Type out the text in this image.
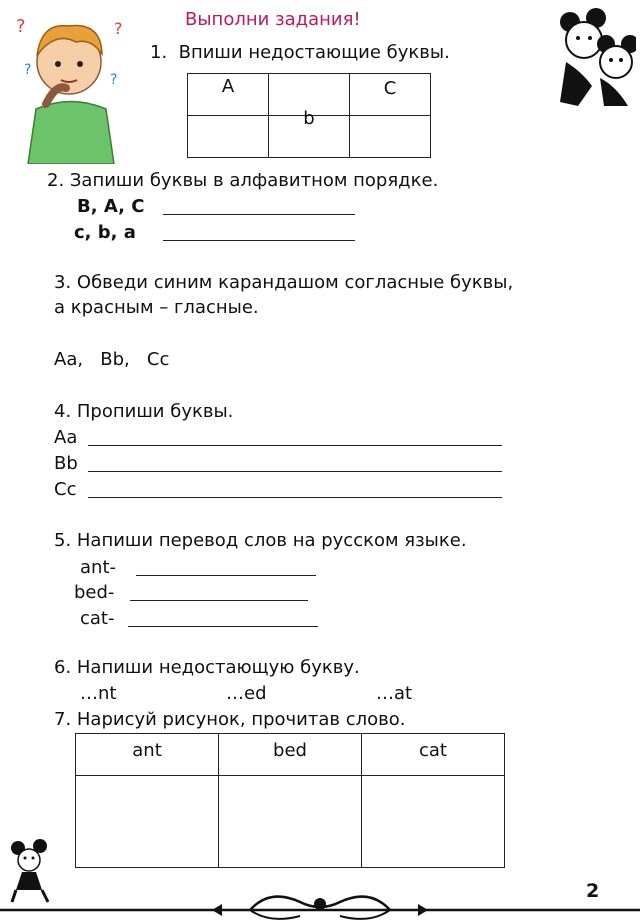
?	?
?
?
Выполни задания!
1.  Впиши недостающие буквы.
A		C
	b	
2. Запиши буквы в алфавитном порядке.
B, A, C
c, b, a
3. Обведи синим карандашом согласные буквы,
а красным – гласные.
Aa,   Bb,   Cc
4. Пропиши буквы.
Aa
Bb
Cc
5. Напиши перевод слов на русском языке.
ant-
bed-
cat-
6. Напиши недостающую букву.
…nt	…ed	…at
7. Нарисуй рисунок, прочитав слово.
ant	bed	cat

2
